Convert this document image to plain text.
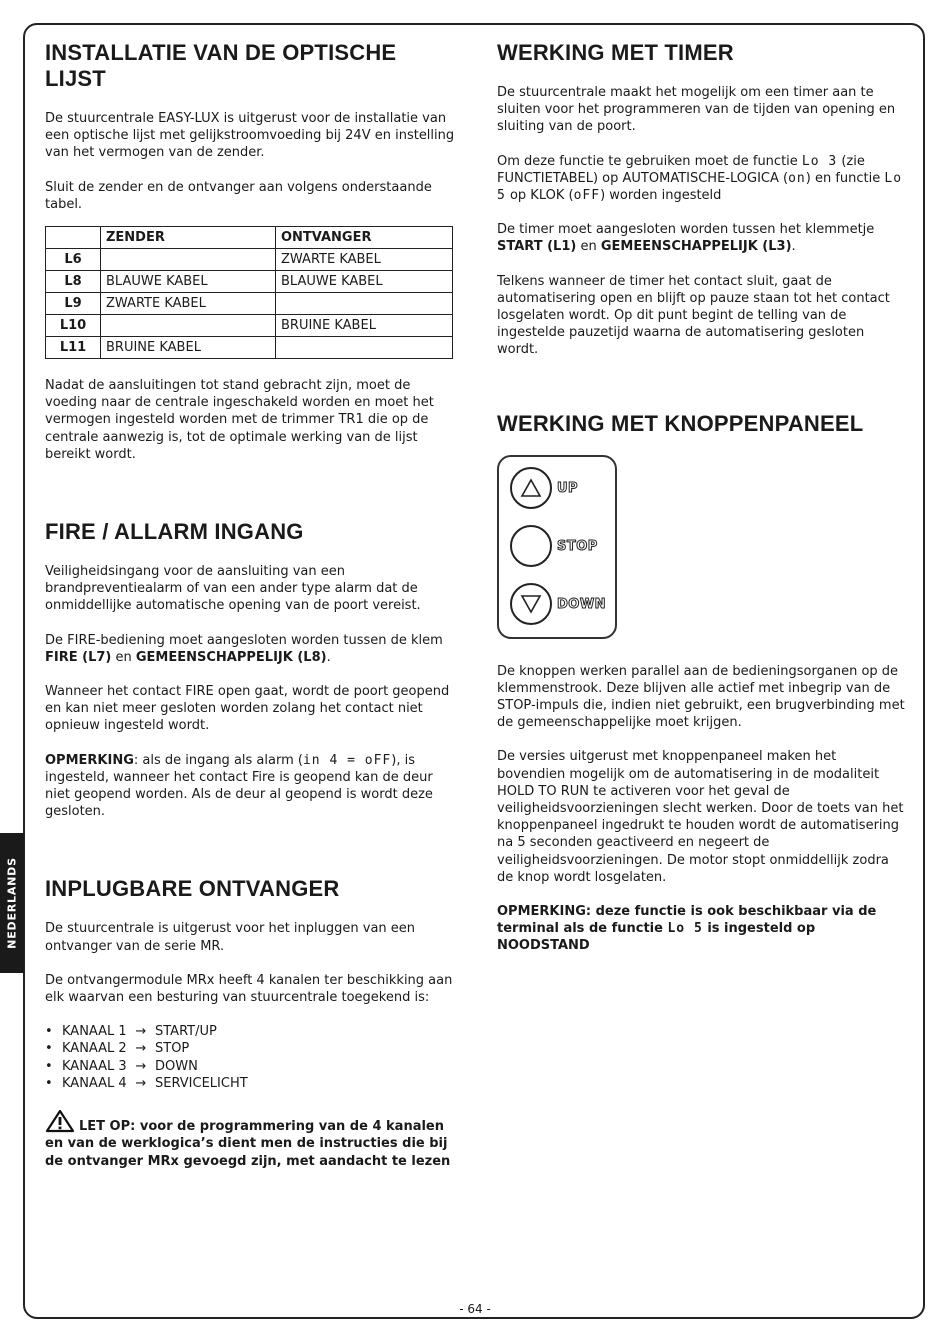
NEDERLANDS
INSTALLATIE VAN DE OPTISCHE LIJST

De stuurcentrale EASY-LUX is uitgerust voor de installatie van een optische lijst met gelijkstroomvoeding bij 24V en instelling van het vermogen van de zender.

Sluit de zender en de ontvanger aan volgens onderstaande tabel.

	ZENDER	ONTVANGER
L6		ZWARTE KABEL
L8	BLAUWE KABEL	BLAUWE KABEL
L9	ZWARTE KABEL	
L10		BRUINE KABEL
L11	BRUINE KABEL	

Nadat de aansluitingen tot stand gebracht zijn, moet de voeding naar de centrale ingeschakeld worden en moet het vermogen ingesteld worden met de trimmer TR1 die op de centrale aanwezig is, tot de optimale werking van de lijst bereikt wordt.

FIRE / ALLARM INGANG

Veiligheidsingang voor de aansluiting van een brandpreventiealarm of van een ander type alarm dat de onmiddellijke automatische opening van de poort vereist.

De FIRE-bediening moet aangesloten worden tussen de klem FIRE (L7) en GEMEENSCHAPPELIJK (L8).

Wanneer het contact FIRE open gaat, wordt de poort geopend en kan niet meer gesloten worden zolang het contact niet opnieuw ingesteld wordt.

OPMERKING: als de ingang als alarm (in 4 = oFF), is ingesteld, wanneer het contact Fire is geopend kan de deur niet geopend worden. Als de deur al geopend is wordt deze gesloten.

INPLUGBARE ONTVANGER

De stuurcentrale is uitgerust voor het inpluggen van een ontvanger van de serie MR.

De ontvangermodule MRx heeft 4 kanalen ter beschikking aan elk waarvan een besturing van stuurcentrale toegekend is:

• KANAAL 1 → START/UP
• KANAAL 2 → STOP
• KANAAL 3 → DOWN
• KANAAL 4 → SERVICELICHT

LET OP: voor de programmering van de 4 kanalen en van de werklogica’s dient men de instructies die bij de ontvanger MRx gevoegd zijn, met aandacht te lezen

WERKING MET TIMER

De stuurcentrale maakt het mogelijk om een timer aan te sluiten voor het programmeren van de tijden van opening en sluiting van de poort.

Om deze functie te gebruiken moet de functie Lo 3 (zie FUNCTIETABEL) op AUTOMATISCHE-LOGICA (on) en functie Lo 5 op KLOK (oFF) worden ingesteld

De timer moet aangesloten worden tussen het klemmetje START (L1) en GEMEENSCHAPPELIJK (L3).

Telkens wanneer de timer het contact sluit, gaat de automatisering open en blijft op pauze staan tot het contact losgelaten wordt. Op dit punt begint de telling van de ingestelde pauzetijd waarna de automatisering gesloten wordt.

WERKING MET KNOPPENPANEEL
UP
STOP
DOWN

De knoppen werken parallel aan de bedieningsorganen op de klemmenstrook. Deze blijven alle actief met inbegrip van de STOP-impuls die, indien niet gebruikt, een brugverbinding met de gemeenschappelijke moet krijgen.

De versies uitgerust met knoppenpaneel maken het bovendien mogelijk om de automatisering in de modaliteit HOLD TO RUN te activeren voor het geval de veiligheidsvoorzieningen slecht werken. Door de toets van het knoppenpaneel ingedrukt te houden wordt de automatisering na 5 seconden geactiveerd en negeert de veiligheidsvoorzieningen. De motor stopt onmiddellijk zodra de knop wordt losgelaten.

OPMERKING: deze functie is ook beschikbaar via de terminal als de functie Lo 5 is ingesteld op NOODSTAND

- 64 -
